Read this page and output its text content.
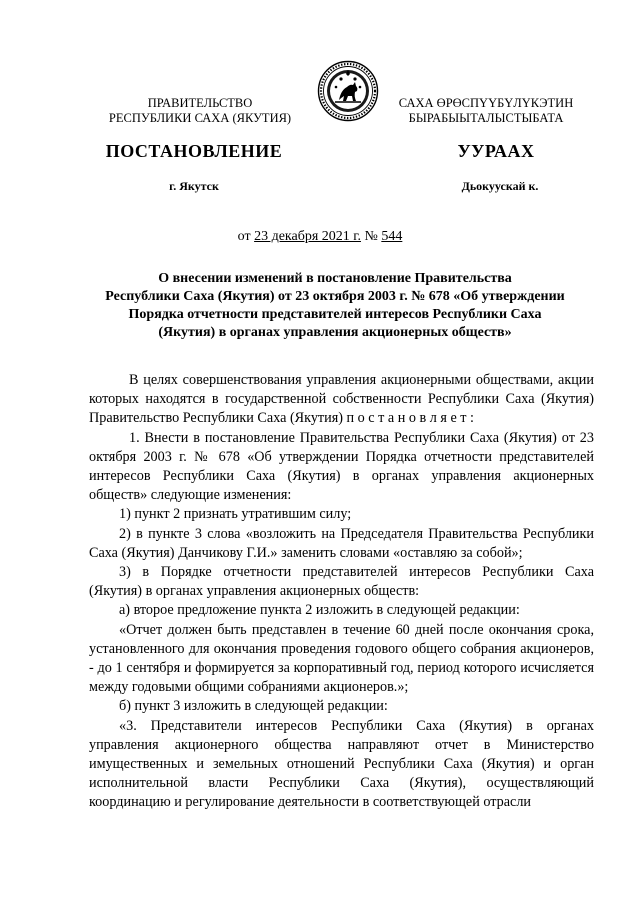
ПРАВИТЕЛЬСТВО
РЕСПУБЛИКИ САХА (ЯКУТИЯ)
САХА ӨРӨСПҮҮБҮЛҮКЭТИН
БЫРАБЫЫТАЛЫСТЫБАТА
ПОСТАНОВЛЕНИЕ	УУРААХ
г. Якутск	Дьокуускай к.
от 23 декабря 2021 г. № 544
О внесении изменений в постановление Правительства
Республики Саха (Якутия) от 23 октября 2003 г. № 678 «Об утверждении
Порядка отчетности представителей интересов Республики Саха
(Якутия) в органах управления акционерных обществ»

В целях совершенствования управления акционерными обществами, акции которых находятся в государственной собственности Республики Саха (Якутия) Правительство Республики Саха (Якутия) п о с т а н о в л я е т :

1. Внести в постановление Правительства Республики Саха (Якутия) от 23 октября 2003 г. № 678 «Об утверждении Порядка отчетности представителей интересов Республики Саха (Якутия) в органах управления акционерных обществ» следующие изменения:

1) пункт 2 признать утратившим силу;

2) в пункте 3 слова «возложить на Председателя Правительства Республики Саха (Якутия) Данчикову Г.И.» заменить словами «оставляю за собой»;

3) в Порядке отчетности представителей интересов Республики Саха (Якутия) в органах управления акционерных обществ:

а) второе предложение пункта 2 изложить в следующей редакции:

«Отчет должен быть представлен в течение 60 дней после окончания срока, установленного для окончания проведения годового общего собрания акционеров, - до 1 сентября и формируется за корпоративный год, период которого исчисляется между годовыми общими собраниями акционеров.»;

б) пункт 3 изложить в следующей редакции:

«3. Представители интересов Республики Саха (Якутия) в органах управления акционерного общества направляют отчет в Министерство имущественных и земельных отношений Республики Саха (Якутия) и орган исполнительной власти Республики Саха (Якутия), осуществляющий координацию и регулирование деятельности в соответствующей отрасли
